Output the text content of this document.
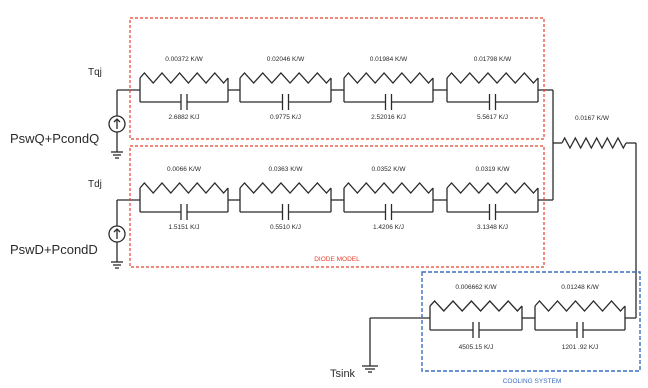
DIODE MODEL
COOLING SYSTEM
Tqj
Tdj
PswQ+PcondQ
PswD+PcondD
Tsink
0.0167 K/W
0.00372 K/W
2.6882 K/J
0.02046 K/W
0.9775 K/J
0.01984 K/W
2.52016 K/J
0.01798 K/W
5.5617 K/J
0.0066 K/W
1.5151 K/J
0.0363 K/W
0.5510 K/J
0.0352 K/W
1.4206 K/J
0.0319 K/W
3.1348 K/J
0.006662 K/W
4505.15 K/J
0.01248 K/W
1201 .92 K/J
